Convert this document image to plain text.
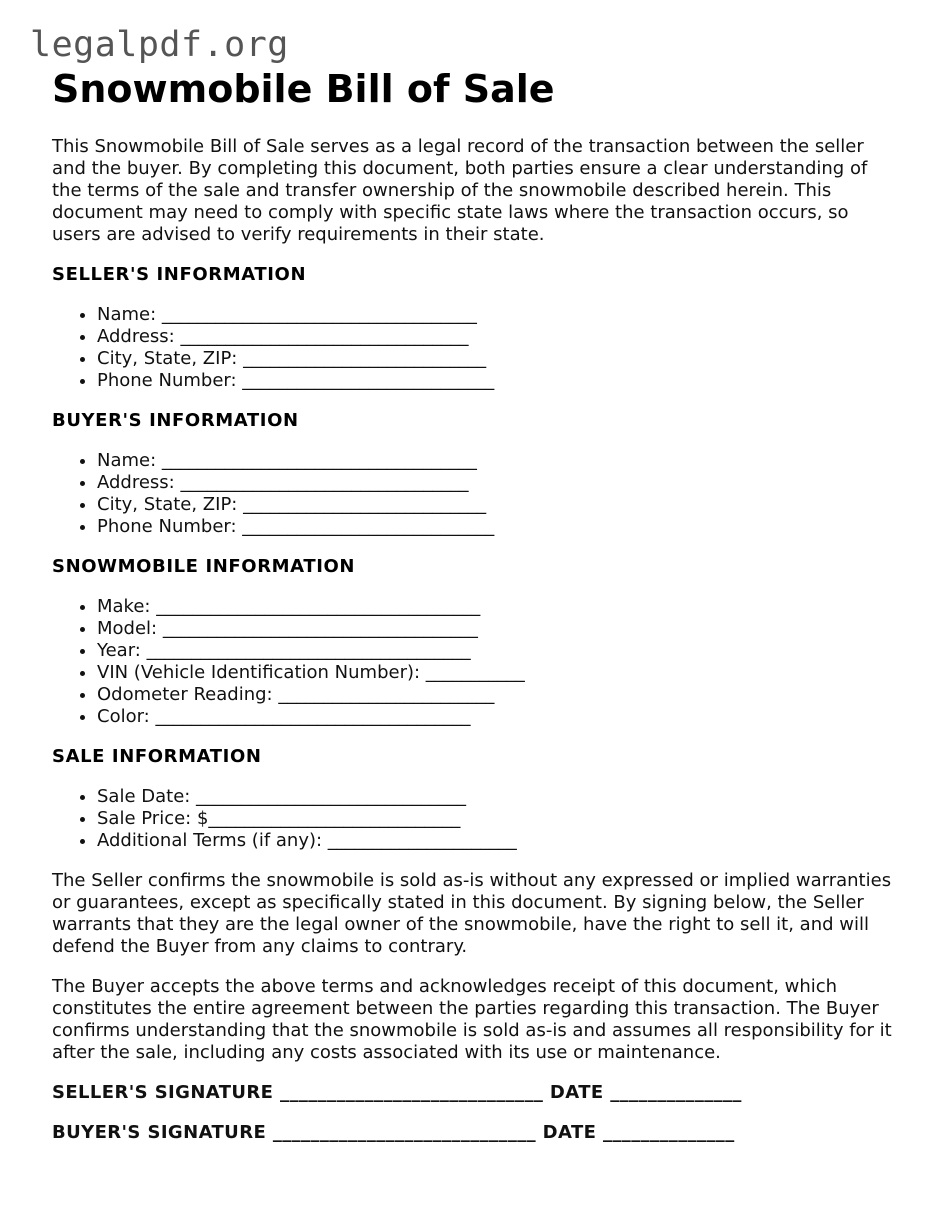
legalpdf.org
Snowmobile Bill of Sale

This Snowmobile Bill of Sale serves as a legal record of the transaction between the seller and the buyer. By completing this document, both parties ensure a clear understanding of the terms of the sale and transfer ownership of the snowmobile described herein. This document may need to comply with specific state laws where the transaction occurs, so users are advised to verify requirements in their state.

SELLER'S INFORMATION
• Name: ___________________________________
• Address: ________________________________
• City, State, ZIP: ___________________________
• Phone Number: ____________________________
BUYER'S INFORMATION
• Name: ___________________________________
• Address: ________________________________
• City, State, ZIP: ___________________________
• Phone Number: ____________________________
SNOWMOBILE INFORMATION
• Make: ____________________________________
• Model: ___________________________________
• Year: ____________________________________
• VIN (Vehicle Identification Number): ___________
• Odometer Reading: ________________________
• Color: ___________________________________
SALE INFORMATION
• Sale Date: ______________________________
• Sale Price: $____________________________
• Additional Terms (if any): _____________________

The Seller confirms the snowmobile is sold as-is without any expressed or implied warranties or guarantees, except as specifically stated in this document. By signing below, the Seller warrants that they are the legal owner of the snowmobile, have the right to sell it, and will defend the Buyer from any claims to contrary.

The Buyer accepts the above terms and acknowledges receipt of this document, which constitutes the entire agreement between the parties regarding this transaction. The Buyer confirms understanding that the snowmobile is sold as-is and assumes all responsibility for it after the sale, including any costs associated with its use or maintenance.

SELLER'S SIGNATURE ____________________________ DATE ______________
BUYER'S SIGNATURE ____________________________ DATE ______________
